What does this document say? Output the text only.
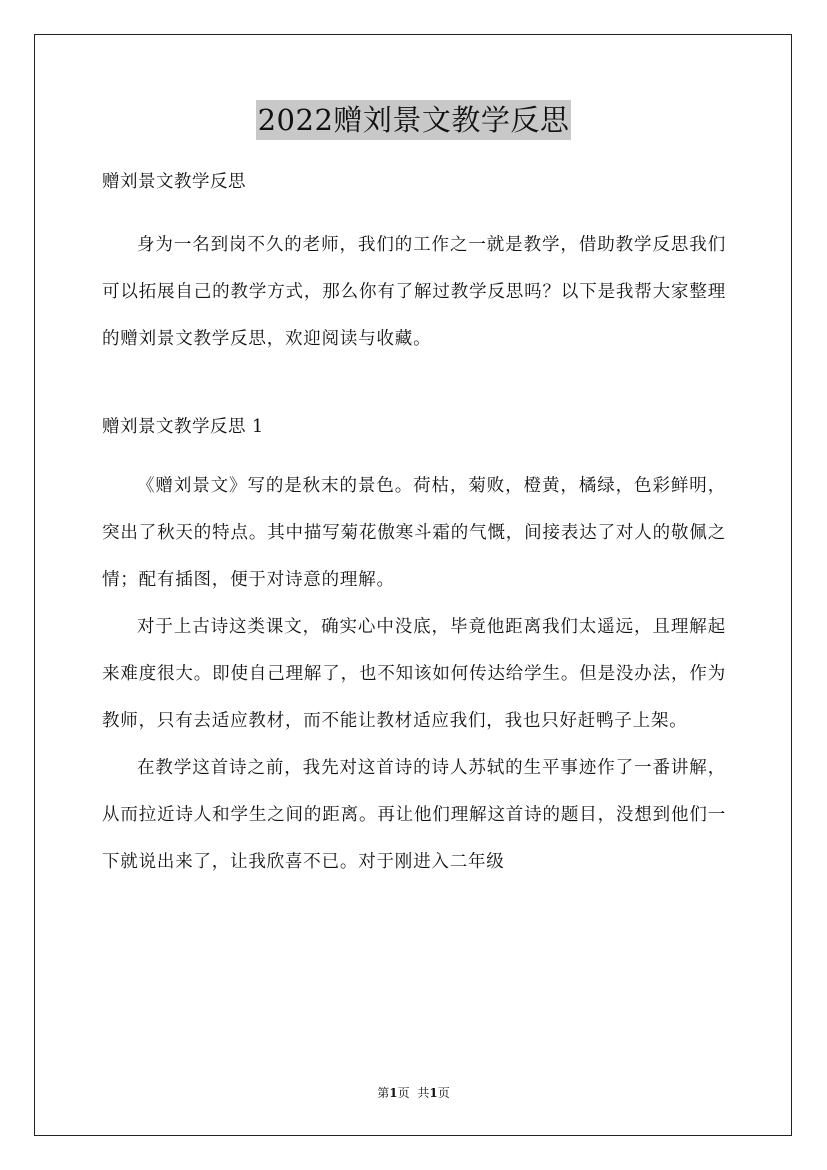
2022赠刘景文教学反思

赠刘景文教学反思

身为一名到岗不久的老师，我们的工作之一就是教学，借助教学反思我们可以拓展自己的教学方式，那么你有了解过教学反思吗？以下是我帮大家整理的赠刘景文教学反思，欢迎阅读与收藏。

赠刘景文教学反思 1

《赠刘景文》写的是秋末的景色。荷枯，菊败，橙黄，橘绿，色彩鲜明，突出了秋天的特点。其中描写菊花傲寒斗霜的气慨，间接表达了对人的敬佩之情；配有插图，便于对诗意的理解。

对于上古诗这类课文，确实心中没底，毕竟他距离我们太遥远，且理解起来难度很大。即使自己理解了，也不知该如何传达给学生。但是没办法，作为教师，只有去适应教材，而不能让教材适应我们，我也只好赶鸭子上架。

在教学这首诗之前，我先对这首诗的诗人苏轼的生平事迹作了一番讲解，从而拉近诗人和学生之间的距离。再让他们理解这首诗的题目，没想到他们一下就说出来了，让我欣喜不已。对于刚进入二年级

第1页 共1页
